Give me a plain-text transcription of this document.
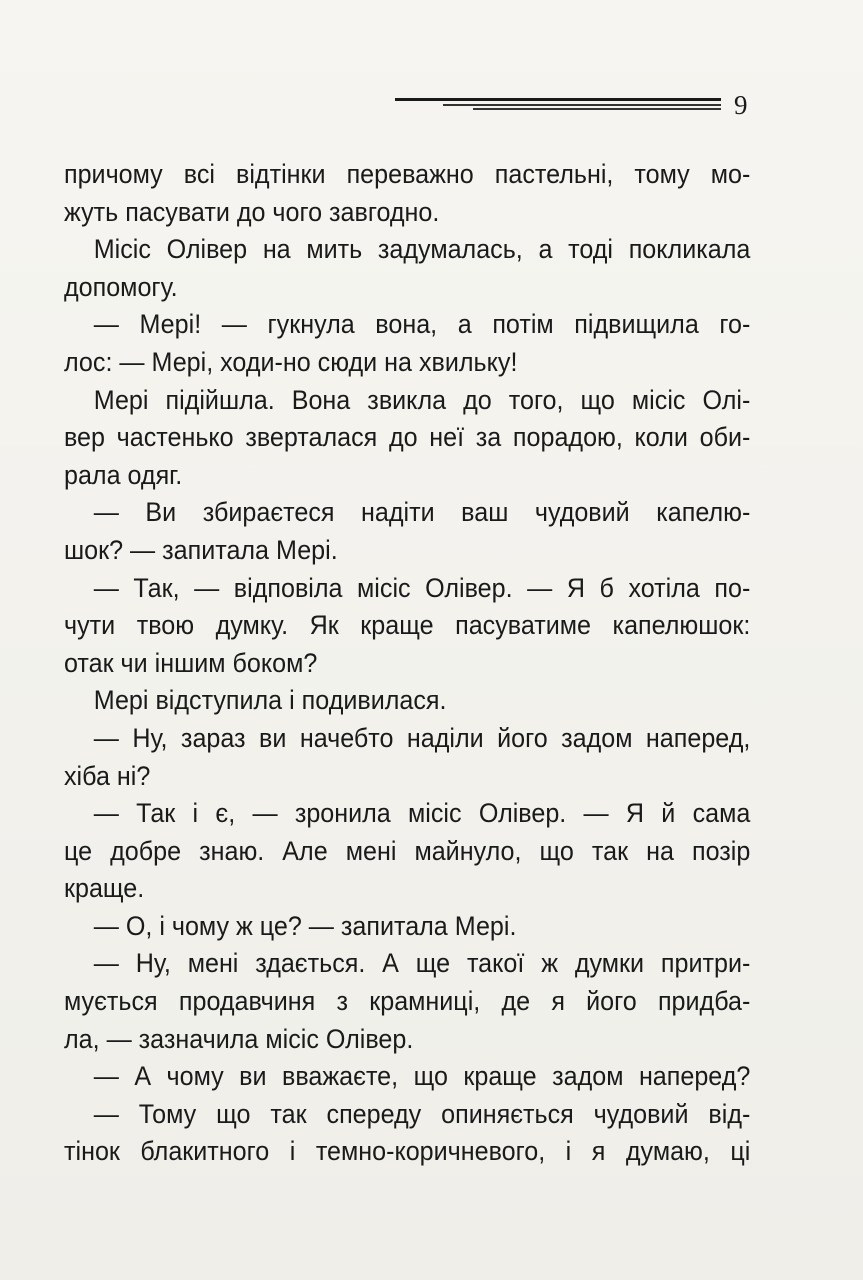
9
причому всі відтінки переважно пастельні, тому мо-
жуть пасувати до чого завгодно.
Місіс Олівер на мить задумалась, а тоді покликала
допомогу.
— Мері! — гукнула вона, а потім підвищила го-
лос: — Мері, ходи-но сюди на хвильку!
Мері підійшла. Вона звикла до того, що місіс Олі-
вер частенько зверталася до неї за порадою, коли оби-
рала одяг.
— Ви збираєтеся надіти ваш чудовий капелю-
шок? — запитала Мері.
— Так, — відповіла місіс Олівер. — Я б хотіла по-
чути твою думку. Як краще пасуватиме капелюшок:
отак чи іншим боком?
Мері відступила і подивилася.
— Ну, зараз ви начебто наділи його задом наперед,
хіба ні?
— Так і є, — зронила місіс Олівер. — Я й сама
це добре знаю. Але мені майнуло, що так на позір
краще.
— О, і чому ж це? — запитала Мері.
— Ну, мені здається. А ще такої ж думки притри-
мується продавчиня з крамниці, де я його придба-
ла, — зазначила місіс Олівер.
— А чому ви вважаєте, що краще задом наперед?
— Тому що так спереду опиняється чудовий від-
тінок блакитного і темно-коричневого, і я думаю, ці
